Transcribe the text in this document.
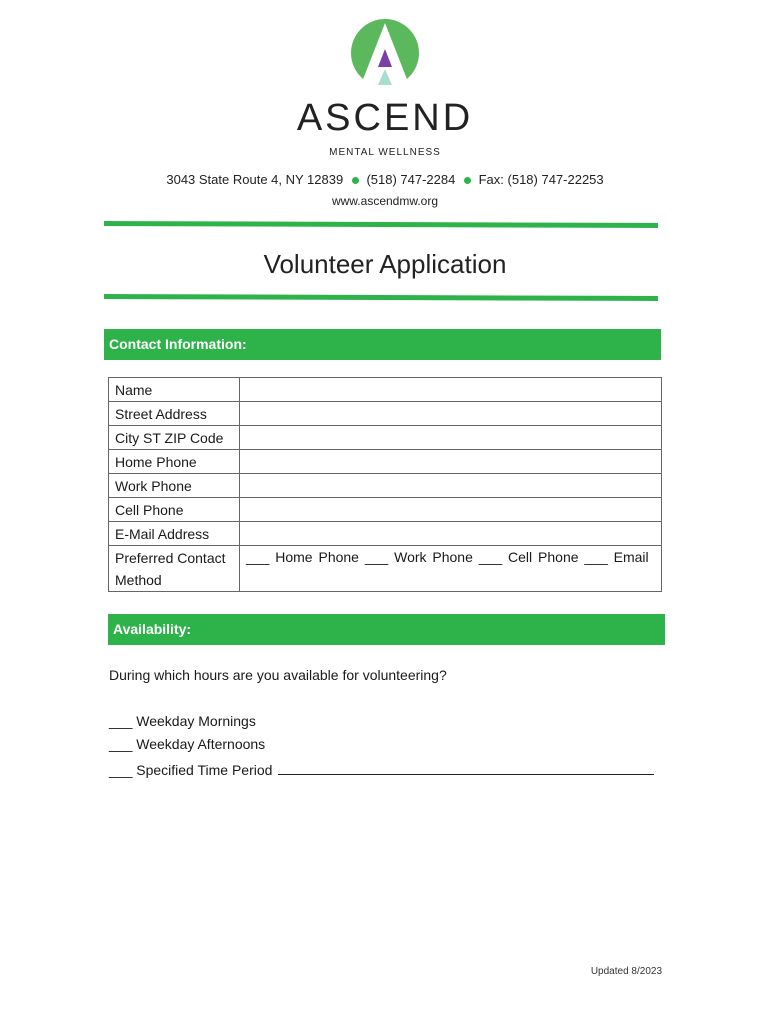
ASCEND
MENTAL WELLNESS
3043 State Route 4, NY 12839 (518) 747-2284 Fax: (518) 747-22253
www.ascendmw.org
Volunteer Application
Contact Information:
Name	
Street Address	
City ST ZIP Code	
Home Phone	
Work Phone	
Cell Phone	
E-Mail Address	

Preferred Contact
Method	___ Home Phone ___ Work Phone ___ Cell Phone ___ Email
Availability:
During which hours are you available for volunteering?
___ Weekday Mornings
___ Weekday Afternoons
___ Specified Time Period
Updated 8/2023
